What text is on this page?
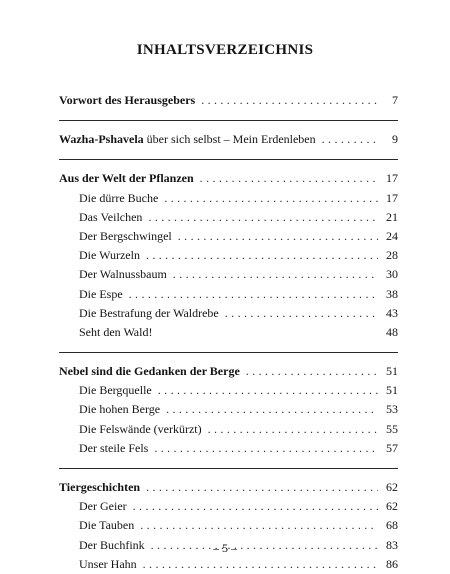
INHALTSVERZEICHNIS
Vorwort des Herausgebers . . .	7
Wazha-Pshavela über sich selbst – Mein Erdenleben . . .	9
Aus der Welt der Pflanzen . . .	17
Die dürre Buche . . .	17
Das Veilchen . . .	21
Der Bergschwingel . . .	24
Die Wurzeln . . .	28
Der Walnussbaum . . .	30
Die Espe . . .	38
Die Bestrafung der Waldrebe . . .	43
Seht den Wald!	48
Nebel sind die Gedanken der Berge . . .	51
Die Bergquelle . . .	51
Die hohen Berge . . .	53
Die Felswände (verkürzt) . . .	55
Der steile Fels . . .	57
Tiergeschichten . . .	62
Der Geier . . .	62
Die Tauben . . .	68
Der Buchfink . . .	83
Unser Hahn . . .	86
– 5 –
